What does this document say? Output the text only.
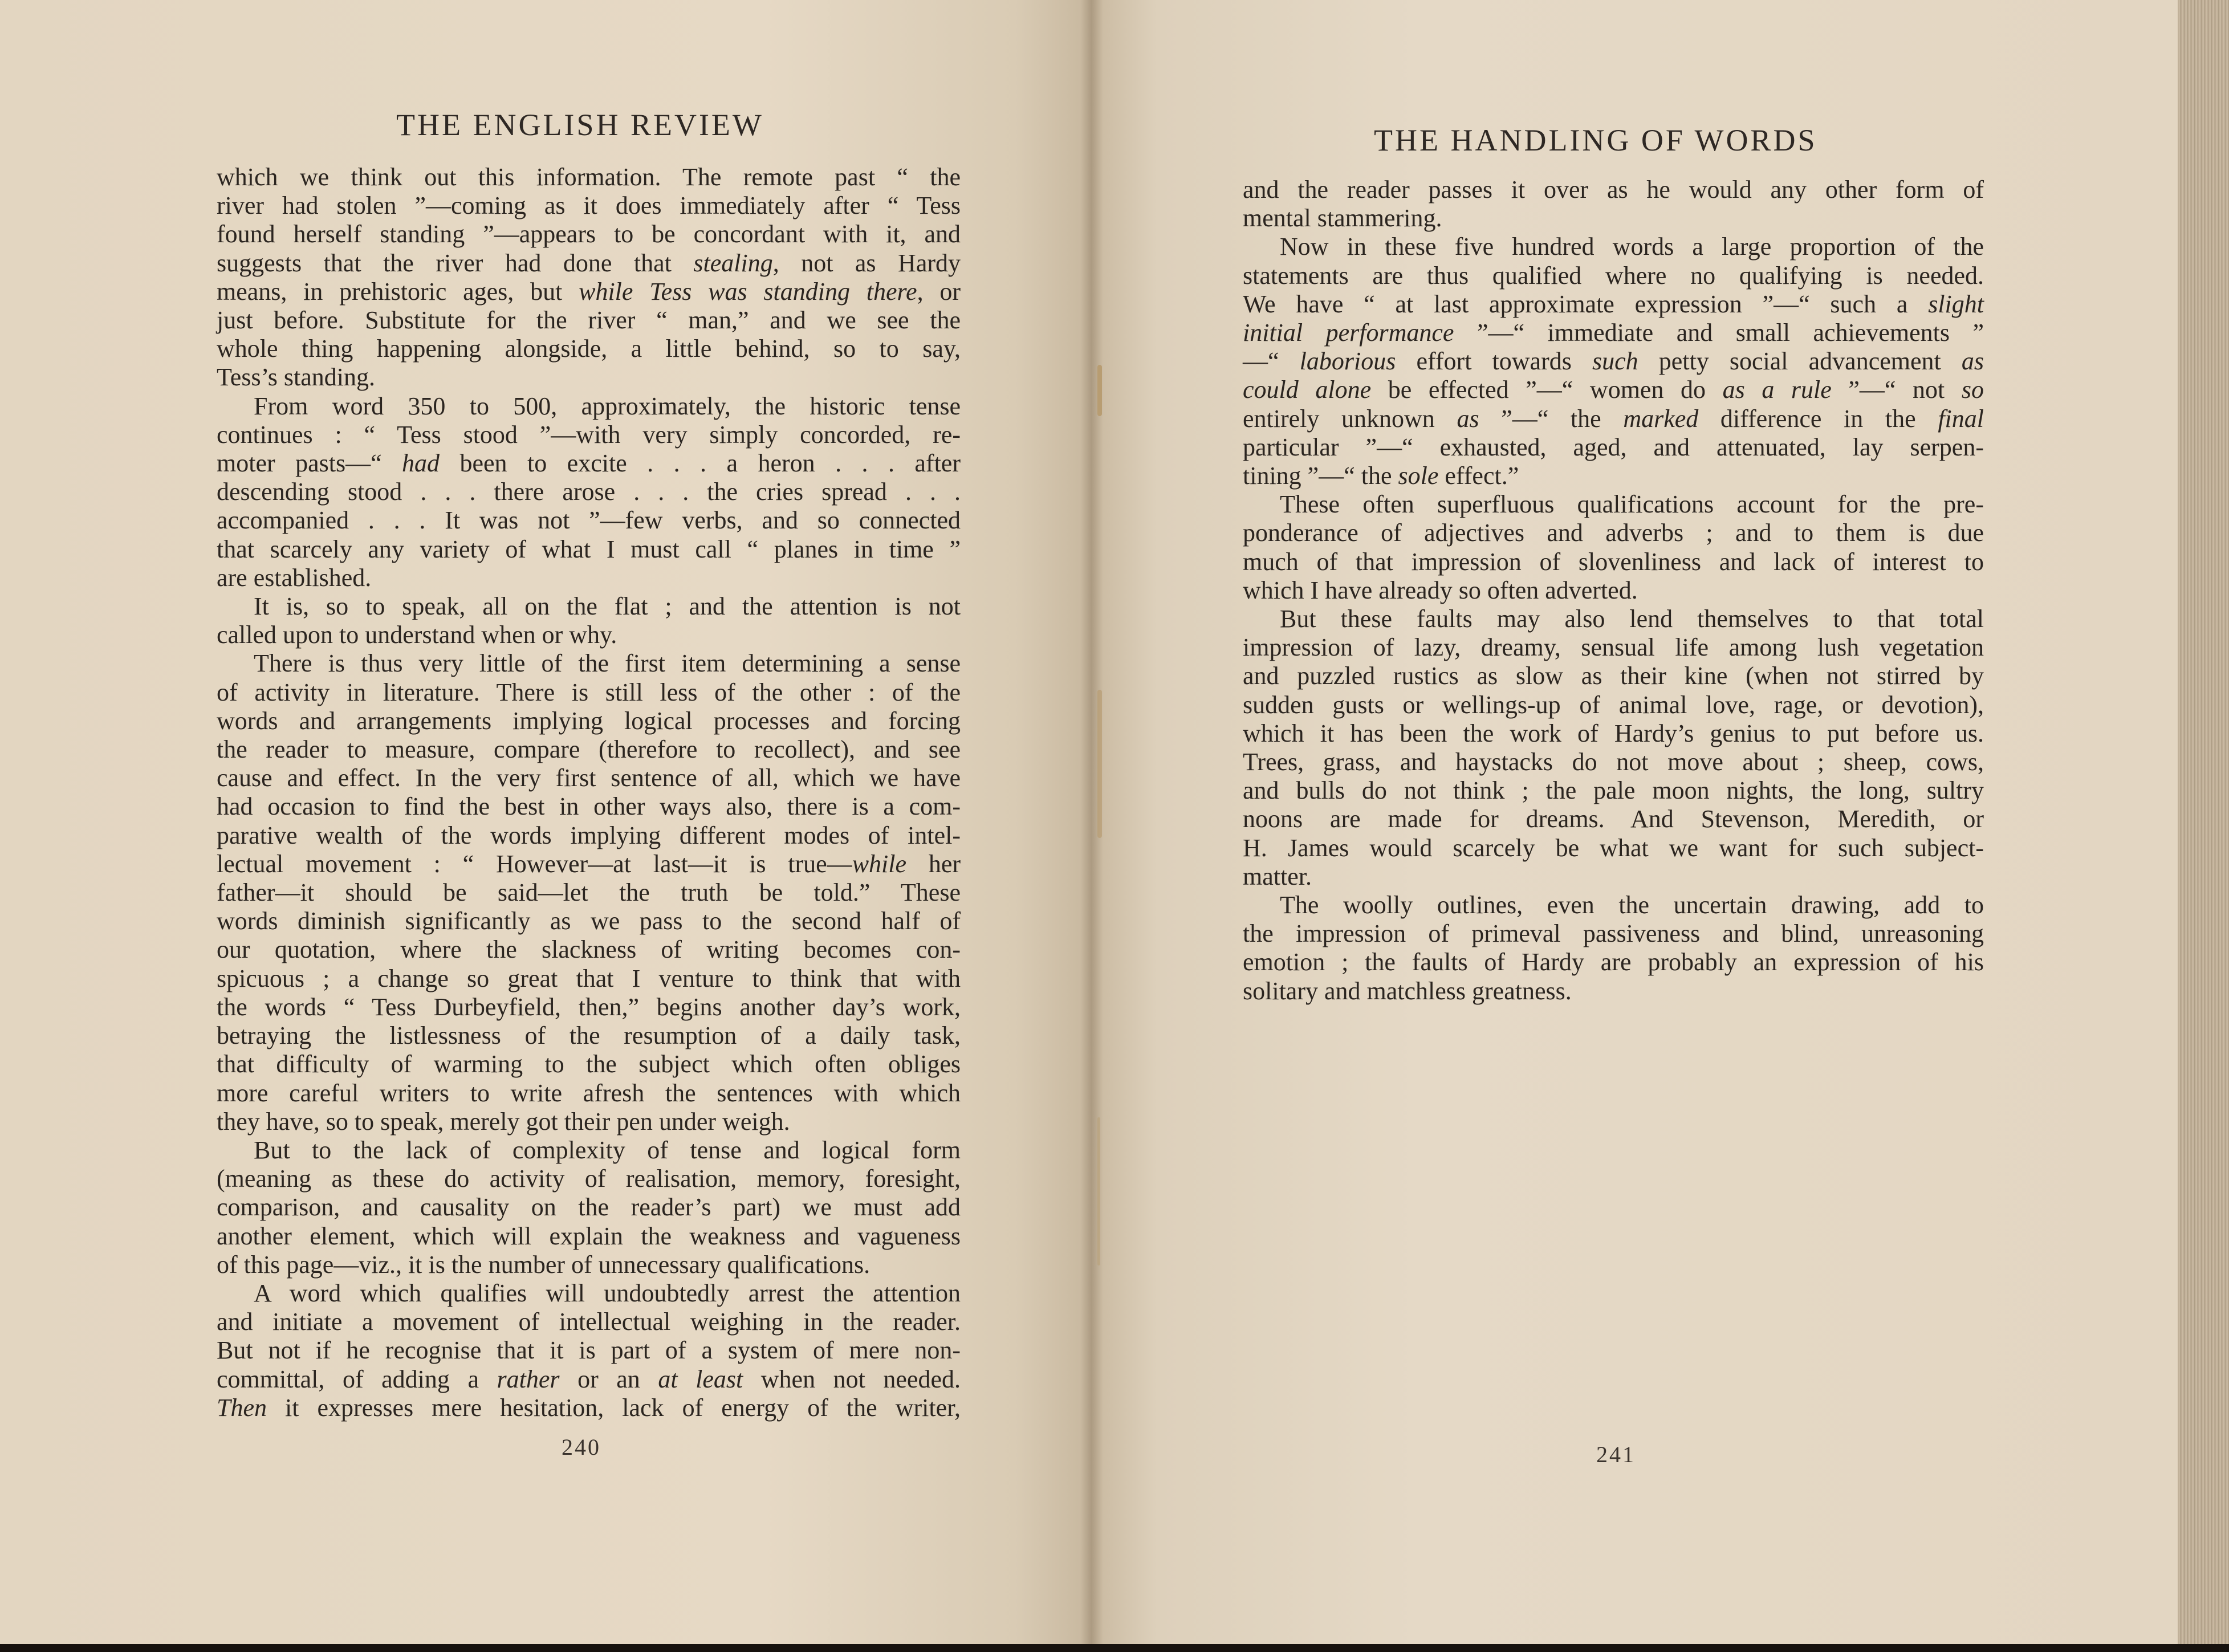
THE ENGLISH REVIEW
which we think out this information. The remote past “ the
river had stolen ”—coming as it does immediately after “ Tess
found herself standing ”—appears to be concordant with it, and
suggests that the river had done that stealing, not as Hardy
means, in prehistoric ages, but while Tess was standing there, or
just before. Substitute for the river “ man,” and we see the
whole thing happening alongside, a little behind, so to say,
Tess’s standing.
From word 350 to 500, approximately, the historic tense
continues : “ Tess stood ”—with very simply concorded, re-
moter pasts—“ had been to excite . . . a heron . . . after
descending stood . . . there arose . . . the cries spread . . .
accompanied . . . It was not ”—few verbs, and so connected
that scarcely any variety of what I must call “ planes in time ”
are established.
It is, so to speak, all on the flat ; and the attention is not
called upon to understand when or why.
There is thus very little of the first item determining a sense
of activity in literature. There is still less of the other : of the
words and arrangements implying logical processes and forcing
the reader to measure, compare (therefore to recollect), and see
cause and effect. In the very first sentence of all, which we have
had occasion to find the best in other ways also, there is a com-
parative wealth of the words implying different modes of intel-
lectual movement : “ However—at last—it is true—while her
father—it should be said—let the truth be told.” These
words diminish significantly as we pass to the second half of
our quotation, where the slackness of writing becomes con-
spicuous ; a change so great that I venture to think that with
the words “ Tess Durbeyfield, then,” begins another day’s work,
betraying the listlessness of the resumption of a daily task,
that difficulty of warming to the subject which often obliges
more careful writers to write afresh the sentences with which
they have, so to speak, merely got their pen under weigh.
But to the lack of complexity of tense and logical form
(meaning as these do activity of realisation, memory, foresight,
comparison, and causality on the reader’s part) we must add
another element, which will explain the weakness and vagueness
of this page—viz., it is the number of unnecessary qualifications.
A word which qualifies will undoubtedly arrest the attention
and initiate a movement of intellectual weighing in the reader.
But not if he recognise that it is part of a system of mere non-
committal, of adding a rather or an at least when not needed.
Then it expresses mere hesitation, lack of energy of the writer,
240
THE HANDLING OF WORDS
and the reader passes it over as he would any other form of
mental stammering.
Now in these five hundred words a large proportion of the
statements are thus qualified where no qualifying is needed.
We have “ at last approximate expression ”—“ such a slight
initial performance ”—“ immediate and small achievements ”
—“ laborious effort towards such petty social advancement as
could alone be effected ”—“ women do as a rule ”—“ not so
entirely unknown as ”—“ the marked difference in the final
particular ”—“ exhausted, aged, and attenuated, lay serpen-
tining ”—“ the sole effect.”
These often superfluous qualifications account for the pre-
ponderance of adjectives and adverbs ; and to them is due
much of that impression of slovenliness and lack of interest to
which I have already so often adverted.
But these faults may also lend themselves to that total
impression of lazy, dreamy, sensual life among lush vegetation
and puzzled rustics as slow as their kine (when not stirred by
sudden gusts or wellings-up of animal love, rage, or devotion),
which it has been the work of Hardy’s genius to put before us.
Trees, grass, and haystacks do not move about ; sheep, cows,
and bulls do not think ; the pale moon nights, the long, sultry
noons are made for dreams. And Stevenson, Meredith, or
H. James would scarcely be what we want for such subject-
matter.
The woolly outlines, even the uncertain drawing, add to
the impression of primeval passiveness and blind, unreasoning
emotion ; the faults of Hardy are probably an expression of his
solitary and matchless greatness.
241
